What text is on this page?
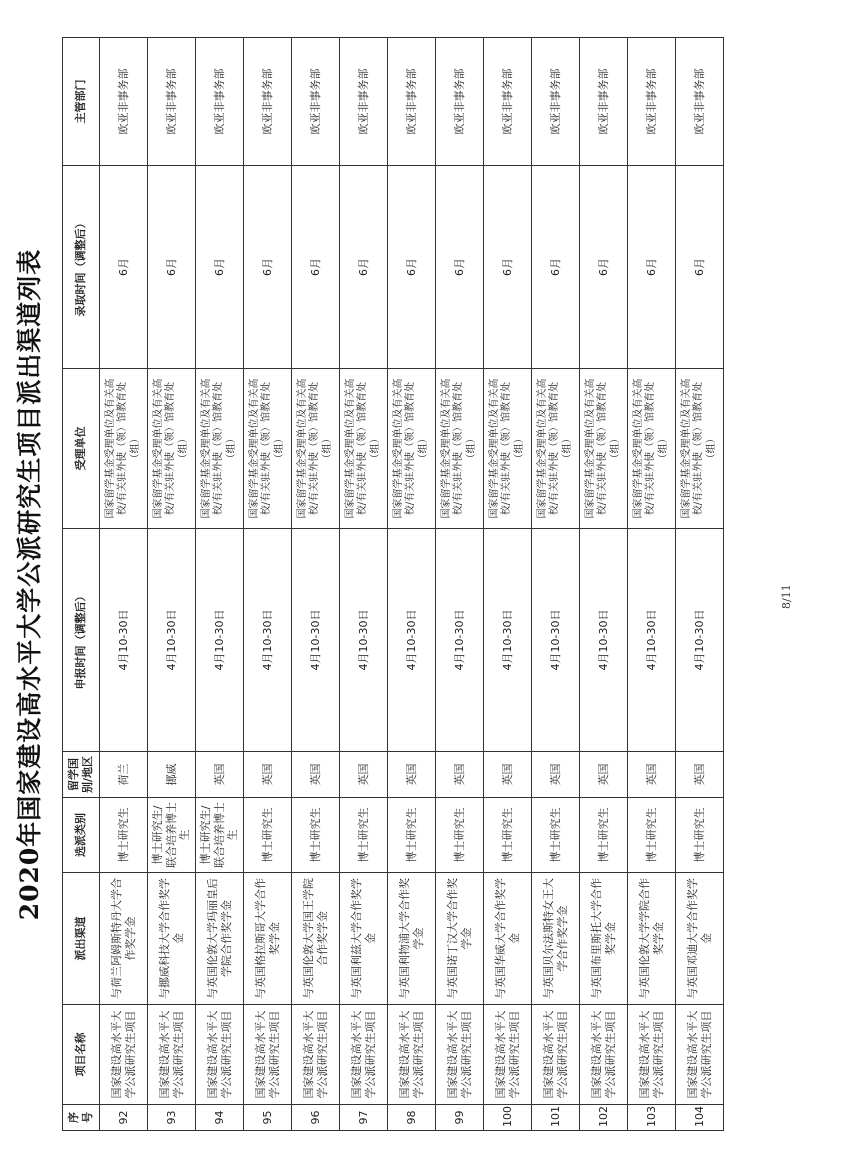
2020年国家建设高水平大学公派研究生项目派出渠道列表
序号	项目名称	派出渠道	选派类别	留学国别/地区	申报时间（调整后）	受理单位	录取时间（调整后）	主管部门
92	国家建设高水平大学公派研究生项目	与荷兰阿姆斯特丹大学合作奖学金	博士研究生	荷兰	4月10-30日	国家留学基金受理单位及有关高校/有关驻外使（领）馆教育处（组）	6月	欧亚非事务部
93	国家建设高水平大学公派研究生项目	与挪威科技大学合作奖学金	博士研究生/联合培养博士生	挪威	4月10-30日	国家留学基金受理单位及有关高校/有关驻外使（领）馆教育处（组）	6月	欧亚非事务部
94	国家建设高水平大学公派研究生项目	与英国伦敦大学玛丽皇后学院合作奖学金	博士研究生/联合培养博士生	英国	4月10-30日	国家留学基金受理单位及有关高校/有关驻外使（领）馆教育处（组）	6月	欧亚非事务部
95	国家建设高水平大学公派研究生项目	与英国格拉斯哥大学合作奖学金	博士研究生	英国	4月10-30日	国家留学基金受理单位及有关高校/有关驻外使（领）馆教育处（组）	6月	欧亚非事务部
96	国家建设高水平大学公派研究生项目	与英国伦敦大学国王学院合作奖学金	博士研究生	英国	4月10-30日	国家留学基金受理单位及有关高校/有关驻外使（领）馆教育处（组）	6月	欧亚非事务部
97	国家建设高水平大学公派研究生项目	与英国利兹大学合作奖学金	博士研究生	英国	4月10-30日	国家留学基金受理单位及有关高校/有关驻外使（领）馆教育处（组）	6月	欧亚非事务部
98	国家建设高水平大学公派研究生项目	与英国利物浦大学合作奖学金	博士研究生	英国	4月10-30日	国家留学基金受理单位及有关高校/有关驻外使（领）馆教育处（组）	6月	欧亚非事务部
99	国家建设高水平大学公派研究生项目	与英国诺丁汉大学合作奖学金	博士研究生	英国	4月10-30日	国家留学基金受理单位及有关高校/有关驻外使（领）馆教育处（组）	6月	欧亚非事务部
100	国家建设高水平大学公派研究生项目	与英国华威大学合作奖学金	博士研究生	英国	4月10-30日	国家留学基金受理单位及有关高校/有关驻外使（领）馆教育处（组）	6月	欧亚非事务部
101	国家建设高水平大学公派研究生项目	与英国贝尔法斯特女王大学合作奖学金	博士研究生	英国	4月10-30日	国家留学基金受理单位及有关高校/有关驻外使（领）馆教育处（组）	6月	欧亚非事务部
102	国家建设高水平大学公派研究生项目	与英国布里斯托大学合作奖学金	博士研究生	英国	4月10-30日	国家留学基金受理单位及有关高校/有关驻外使（领）馆教育处（组）	6月	欧亚非事务部
103	国家建设高水平大学公派研究生项目	与英国伦敦大学学院合作奖学金	博士研究生	英国	4月10-30日	国家留学基金受理单位及有关高校/有关驻外使（领）馆教育处（组）	6月	欧亚非事务部
104	国家建设高水平大学公派研究生项目	与英国邓迪大学合作奖学金	博士研究生	英国	4月10-30日	国家留学基金受理单位及有关高校/有关驻外使（领）馆教育处（组）	6月	欧亚非事务部
8/11
